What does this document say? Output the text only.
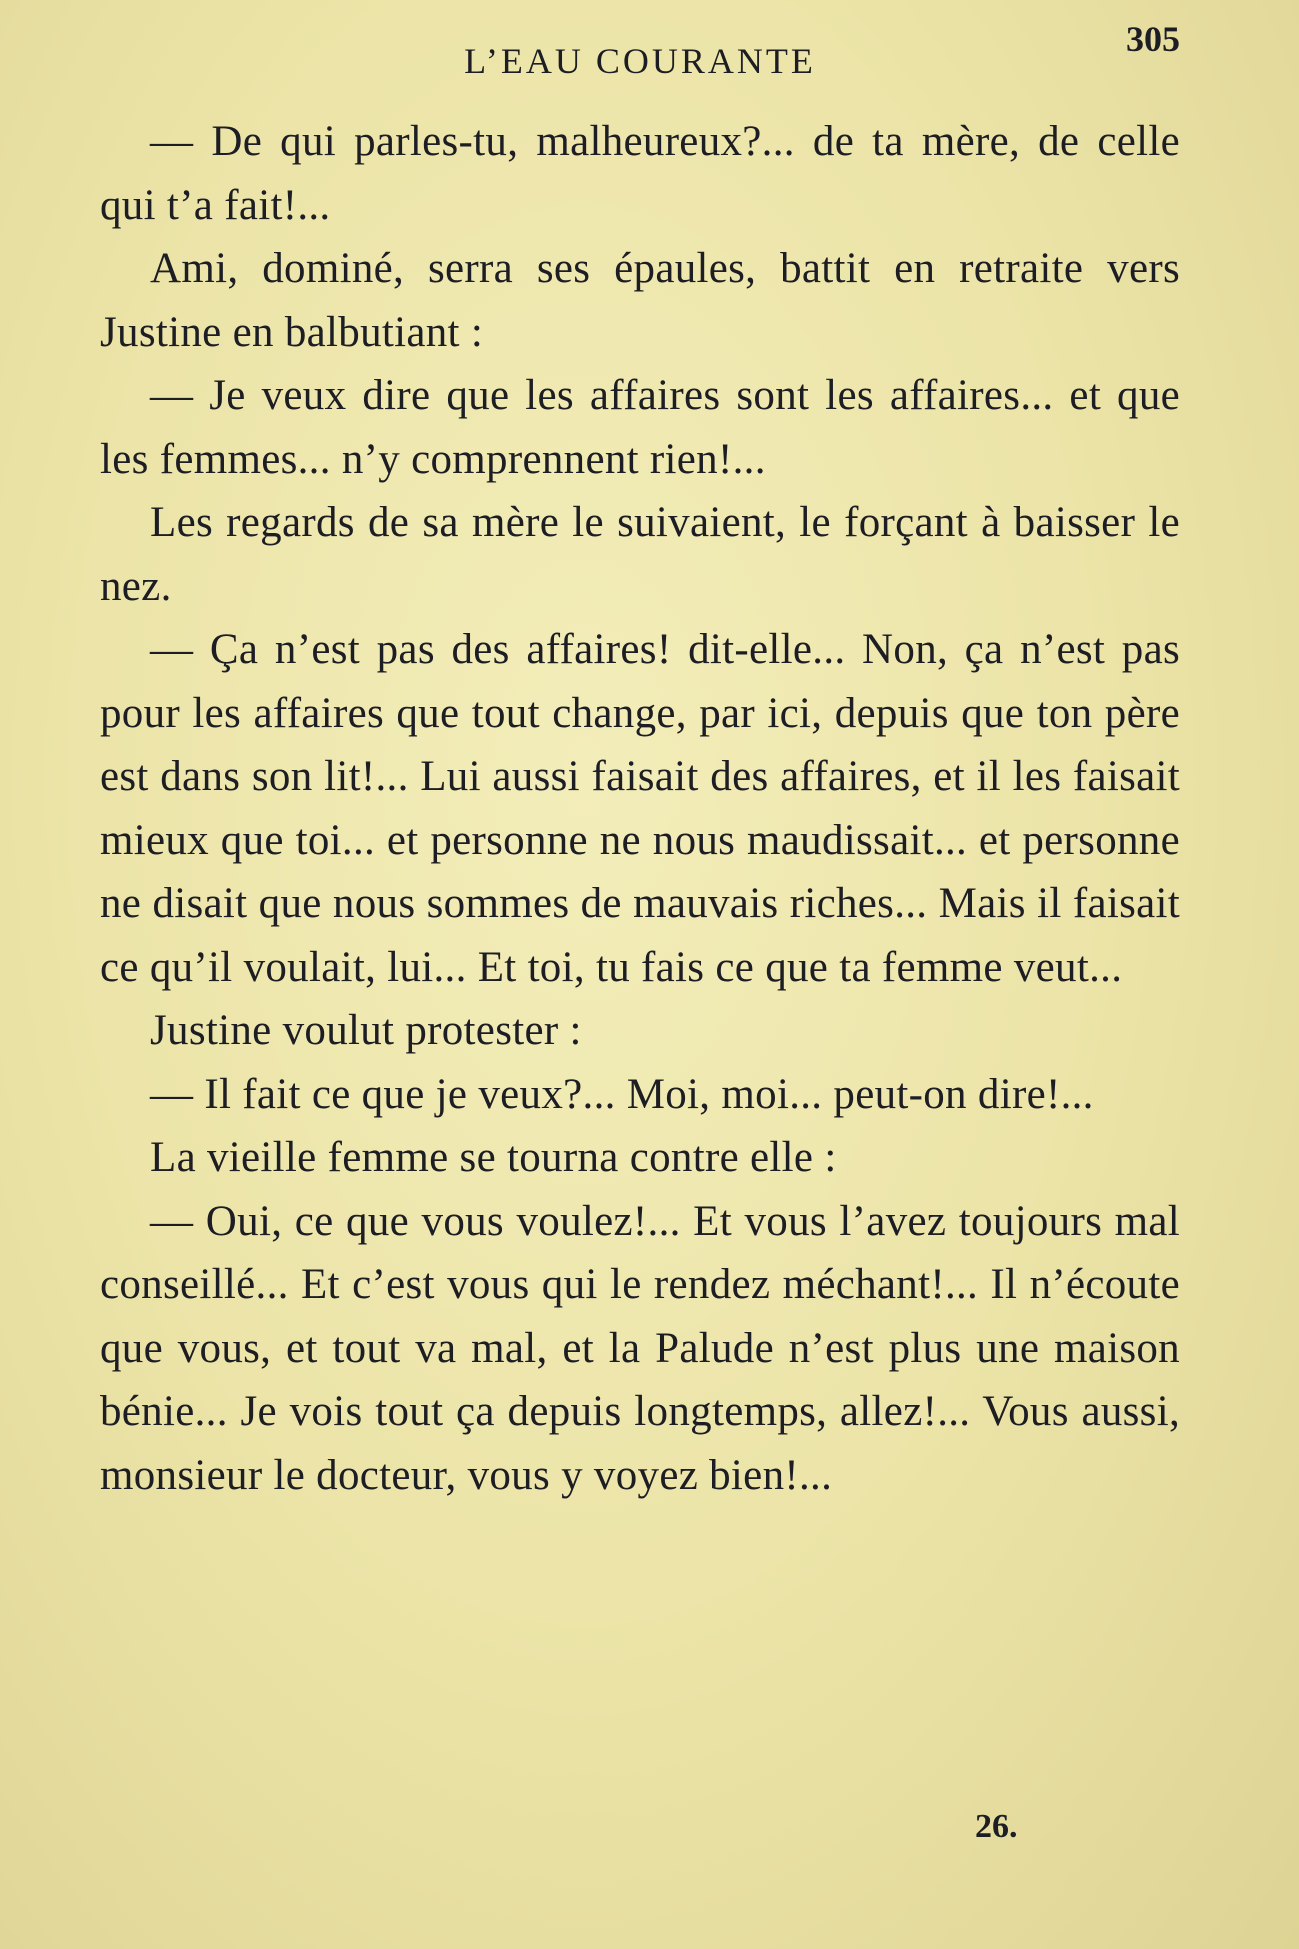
L’EAU COURANTE
305

— De qui parles-tu, malheureux?... de ta mère, de celle qui t’a fait!...

Ami, dominé, serra ses épaules, battit en retraite vers Justine en balbutiant :

— Je veux dire que les affaires sont les affaires... et que les femmes... n’y comprennent rien!...

Les regards de sa mère le suivaient, le forçant à baisser le nez.

— Ça n’est pas des affaires! dit-elle... Non, ça n’est pas pour les affaires que tout change, par ici, depuis que ton père est dans son lit!... Lui aussi faisait des affaires, et il les faisait mieux que toi... et personne ne nous maudissait... et personne ne disait que nous sommes de mauvais riches... Mais il faisait ce qu’il voulait, lui... Et toi, tu fais ce que ta femme veut...

Justine voulut protester :

— Il fait ce que je veux?... Moi, moi... peut-on dire!...

La vieille femme se tourna contre elle :

— Oui, ce que vous voulez!... Et vous l’avez toujours mal conseillé... Et c’est vous qui le rendez méchant!... Il n’écoute que vous, et tout va mal, et la Palude n’est plus une maison bénie... Je vois tout ça depuis longtemps, allez!... Vous aussi, monsieur le docteur, vous y voyez bien!...

26.
